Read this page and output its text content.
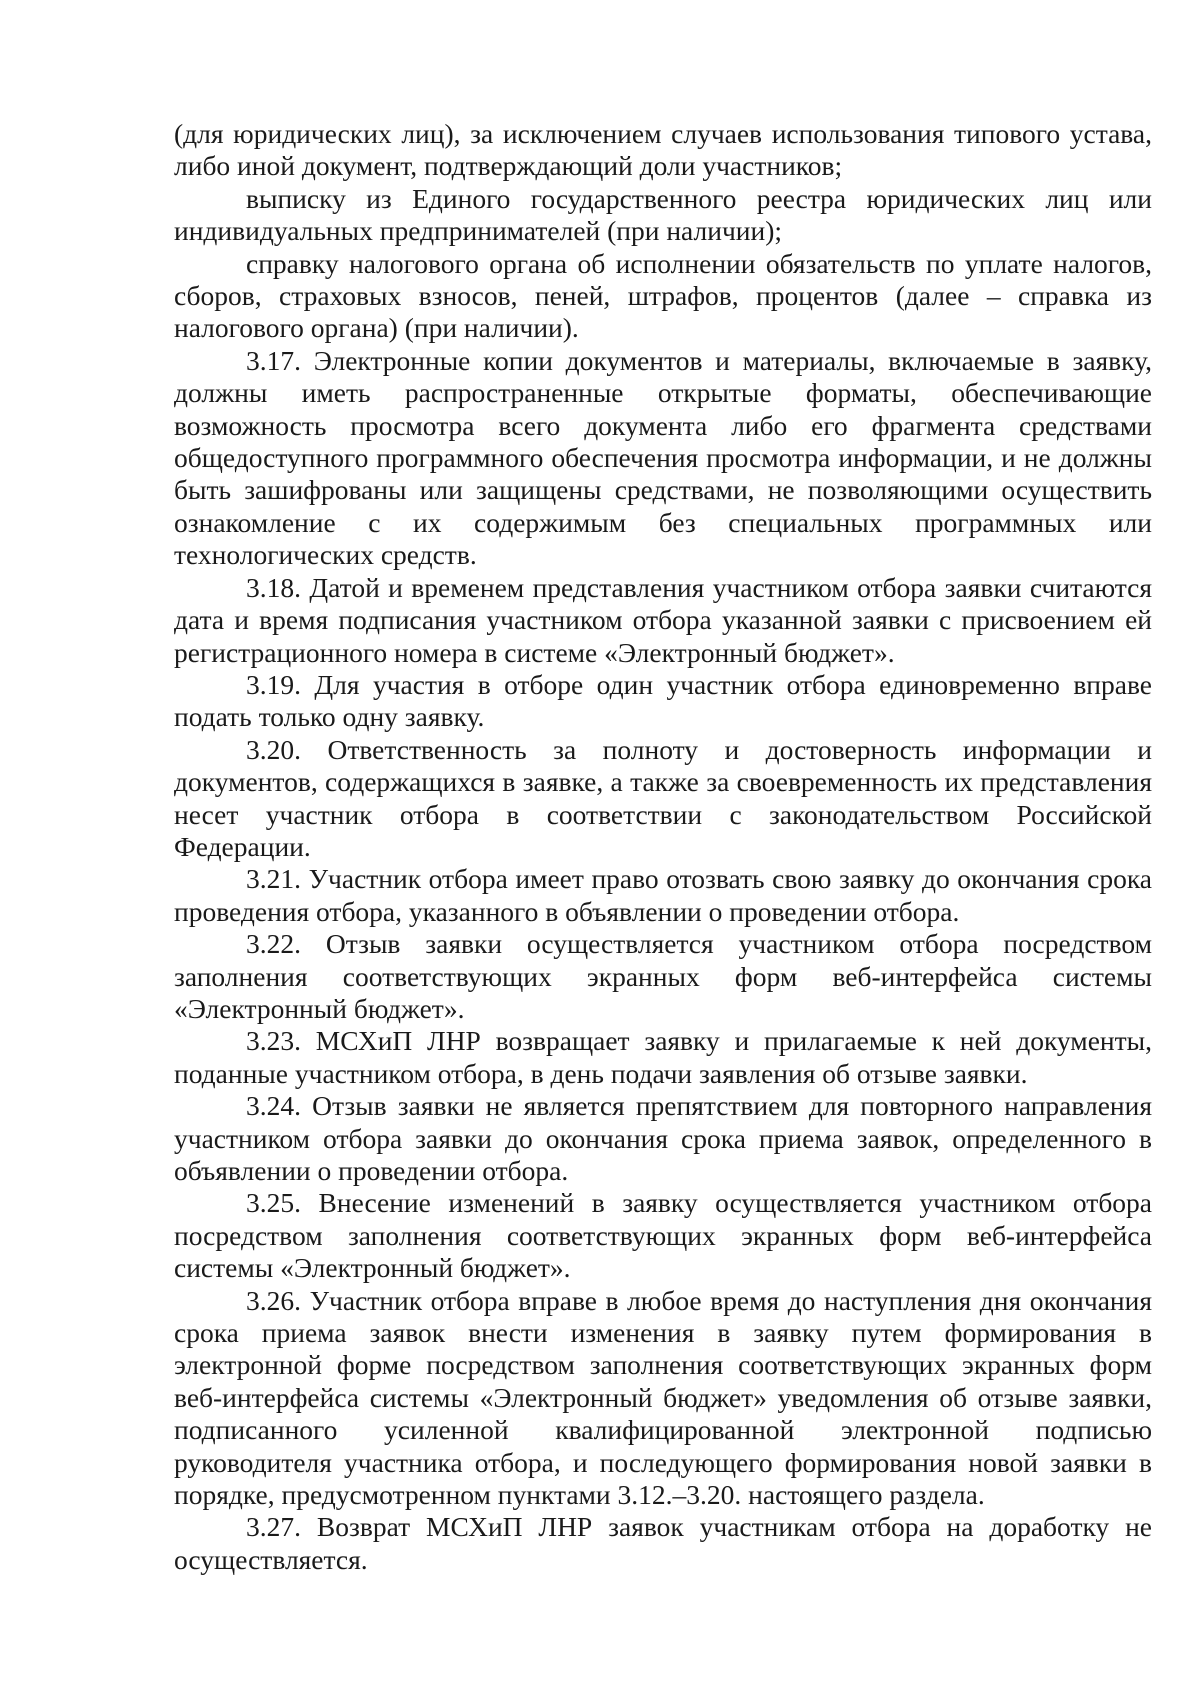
(для юридических лиц), за исключением случаев использования типового устава, либо иной документ, подтверждающий доли участников;

выписку из Единого государственного реестра юридических лиц или индивидуальных предпринимателей (при наличии);

справку налогового органа об исполнении обязательств по уплате налогов, сборов, страховых взносов, пеней, штрафов, процентов (далее – справка из налогового органа) (при наличии).

3.17. Электронные копии документов и материалы, включаемые в заявку, должны иметь распространенные открытые форматы, обеспечивающие возможность просмотра всего документа либо его фрагмента средствами общедоступного программного обеспечения просмотра информации, и не должны быть зашифрованы или защищены средствами, не позволяющими осуществить ознакомление с их содержимым без специальных программных или технологических средств.

3.18. Датой и временем представления участником отбора заявки считаются дата и время подписания участником отбора указанной заявки с присвоением ей регистрационного номера в системе «Электронный бюджет».

3.19. Для участия в отборе один участник отбора единовременно вправе подать только одну заявку.

3.20. Ответственность за полноту и достоверность информации и документов, содержащихся в заявке, а также за своевременность их представления несет участник отбора в соответствии с законодательством Российской Федерации.

3.21. Участник отбора имеет право отозвать свою заявку до окончания срока проведения отбора, указанного в объявлении о проведении отбора.

3.22. Отзыв заявки осуществляется участником отбора посредством заполнения соответствующих экранных форм веб-интерфейса системы «Электронный бюджет».

3.23. МСХиП ЛНР возвращает заявку и прилагаемые к ней документы, поданные участником отбора, в день подачи заявления об отзыве заявки.

3.24. Отзыв заявки не является препятствием для повторного направления участником отбора заявки до окончания срока приема заявок, определенного в объявлении о проведении отбора.

3.25. Внесение изменений в заявку осуществляется участником отбора посредством заполнения соответствующих экранных форм веб-интерфейса системы «Электронный бюджет».

3.26. Участник отбора вправе в любое время до наступления дня окончания срока приема заявок внести изменения в заявку путем формирования в электронной форме посредством заполнения соответствующих экранных форм веб-интерфейса системы «Электронный бюджет» уведомления об отзыве заявки, подписанного усиленной квалифицированной электронной подписью руководителя участника отбора, и последующего формирования новой заявки в порядке, предусмотренном пунктами 3.12.–3.20. настоящего раздела.

3.27. Возврат МСХиП ЛНР заявок участникам отбора на доработку не осуществляется.
